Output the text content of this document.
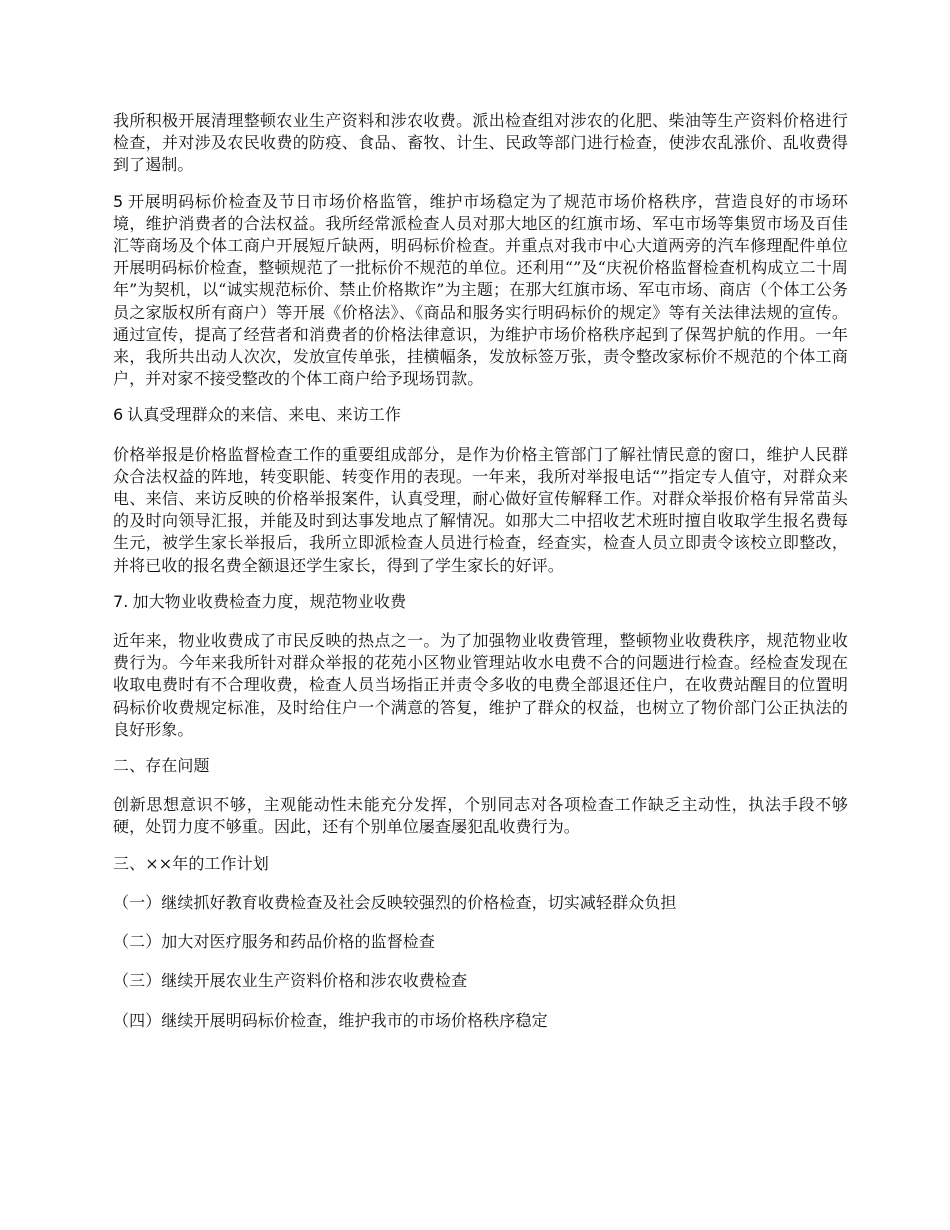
我所积极开展清理整顿农业生产资料和涉农收费。派出检查组对涉农的化肥、柴油等生产资料价格进行检查，并对涉及农民收费的防疫、食品、畜牧、计生、民政等部门进行检查，使涉农乱涨价、乱收费得到了遏制。

5 开展明码标价检查及节日市场价格监管，维护市场稳定为了规范市场价格秩序，营造良好的市场环境，维护消费者的合法权益。我所经常派检查人员对那大地区的红旗市场、军屯市场等集贸市场及百佳汇等商场及个体工商户开展短斤缺两，明码标价检查。并重点对我市中心大道两旁的汽车修理配件单位开展明码标价检查，整顿规范了一批标价不规范的单位。还利用“”及“庆祝价格监督检查机构成立二十周年”为契机，以“诚实规范标价、禁止价格欺诈”为主题；在那大红旗市场、军屯市场、商店（个体工公务员之家版权所有商户）等开展《价格法》、《商品和服务实行明码标价的规定》等有关法律法规的宣传。通过宣传，提高了经营者和消费者的价格法律意识，为维护市场价格秩序起到了保驾护航的作用。一年来，我所共出动人次次，发放宣传单张，挂横幅条，发放标签万张，责令整改家标价不规范的个体工商户，并对家不接受整改的个体工商户给予现场罚款。

6 认真受理群众的来信、来电、来访工作

价格举报是价格监督检查工作的重要组成部分，是作为价格主管部门了解社情民意的窗口，维护人民群众合法权益的阵地，转变职能、转变作用的表现。一年来，我所对举报电话“”指定专人值守，对群众来电、来信、来访反映的价格举报案件，认真受理，耐心做好宣传解释工作。对群众举报价格有异常苗头的及时向领导汇报，并能及时到达事发地点了解情况。如那大二中招收艺术班时擅自收取学生报名费每生元，被学生家长举报后，我所立即派检查人员进行检查，经查实，检查人员立即责令该校立即整改，并将已收的报名费全额退还学生家长，得到了学生家长的好评。

7. 加大物业收费检查力度，规范物业收费

近年来，物业收费成了市民反映的热点之一。为了加强物业收费管理，整顿物业收费秩序，规范物业收费行为。今年来我所针对群众举报的花苑小区物业管理站收水电费不合的问题进行检查。经检查发现在收取电费时有不合理收费，检查人员当场指正并责令多收的电费全部退还住户，在收费站醒目的位置明码标价收费规定标准，及时给住户一个满意的答复，维护了群众的权益，也树立了物价部门公正执法的良好形象。

二、存在问题

创新思想意识不够，主观能动性未能充分发挥，个别同志对各项检查工作缺乏主动性，执法手段不够硬，处罚力度不够重。因此，还有个别单位屡查屡犯乱收费行为。

三、××年的工作计划

（一）继续抓好教育收费检查及社会反映较强烈的价格检查，切实减轻群众负担

（二）加大对医疗服务和药品价格的监督检查

（三）继续开展农业生产资料价格和涉农收费检查

（四）继续开展明码标价检查，维护我市的市场价格秩序稳定
